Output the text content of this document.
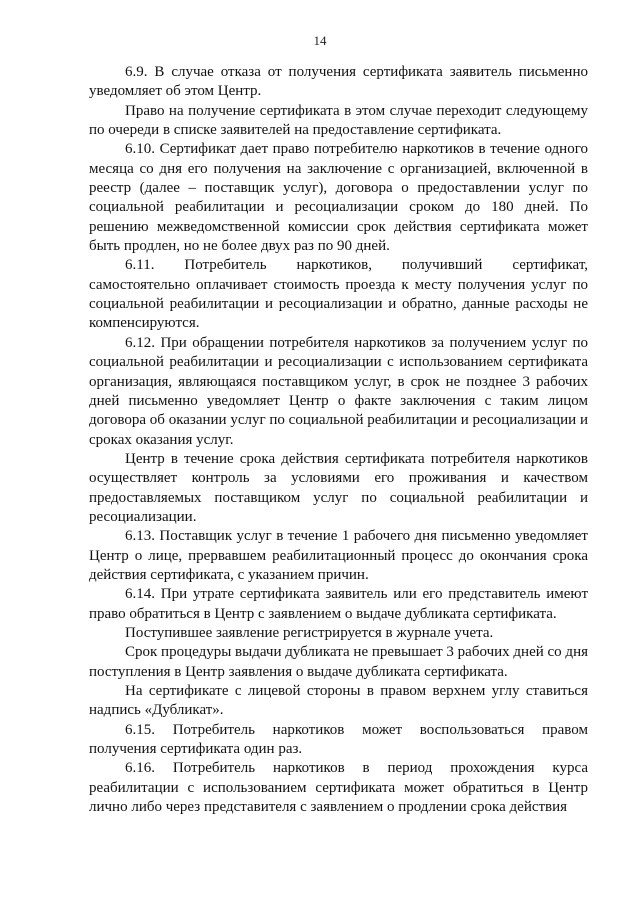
14

6.9. В случае отказа от получения сертификата заявитель письменно уведомляет об этом Центр.

Право на получение сертификата в этом случае переходит следующему по очереди в списке заявителей на предоставление сертификата.

6.10. Сертификат дает право потребителю наркотиков в течение одного месяца со дня его получения на заключение с организацией, включенной в реестр (далее – поставщик услуг), договора о предоставлении услуг по социальной реабилитации и ресоциализации сроком до 180 дней. По решению межведомственной комиссии срок действия сертификата может быть продлен, но не более двух раз по 90 дней.

6.11. Потребитель наркотиков, получивший сертификат, самостоятельно оплачивает стоимость проезда к месту получения услуг по социальной реабилитации и ресоциализации и обратно, данные расходы не компенсируются.

6.12. При обращении потребителя наркотиков за получением услуг по социальной реабилитации и ресоциализации с использованием сертификата организация, являющаяся поставщиком услуг, в срок не позднее 3 рабочих дней письменно уведомляет Центр о факте заключения с таким лицом договора об оказании услуг по социальной реабилитации и ресоциализации и сроках оказания услуг.

Центр в течение срока действия сертификата потребителя наркотиков осуществляет контроль за условиями его проживания и качеством предоставляемых поставщиком услуг по социальной реабилитации и ресоциализации.

6.13. Поставщик услуг в течение 1 рабочего дня письменно уведомляет Центр о лице, прервавшем реабилитационный процесс до окончания срока действия сертификата, с указанием причин.

6.14. При утрате сертификата заявитель или его представитель имеют право обратиться в Центр с заявлением о выдаче дубликата сертификата.

Поступившее заявление регистрируется в журнале учета.

Срок процедуры выдачи дубликата не превышает 3 рабочих дней со дня поступления в Центр заявления о выдаче дубликата сертификата.

На сертификате с лицевой стороны в правом верхнем углу ставиться надпись «Дубликат».

6.15. Потребитель наркотиков может воспользоваться правом получения сертификата один раз.

6.16. Потребитель наркотиков в период прохождения курса реабилитации с использованием сертификата может обратиться в Центр лично либо через представителя с заявлением о продлении срока действия
